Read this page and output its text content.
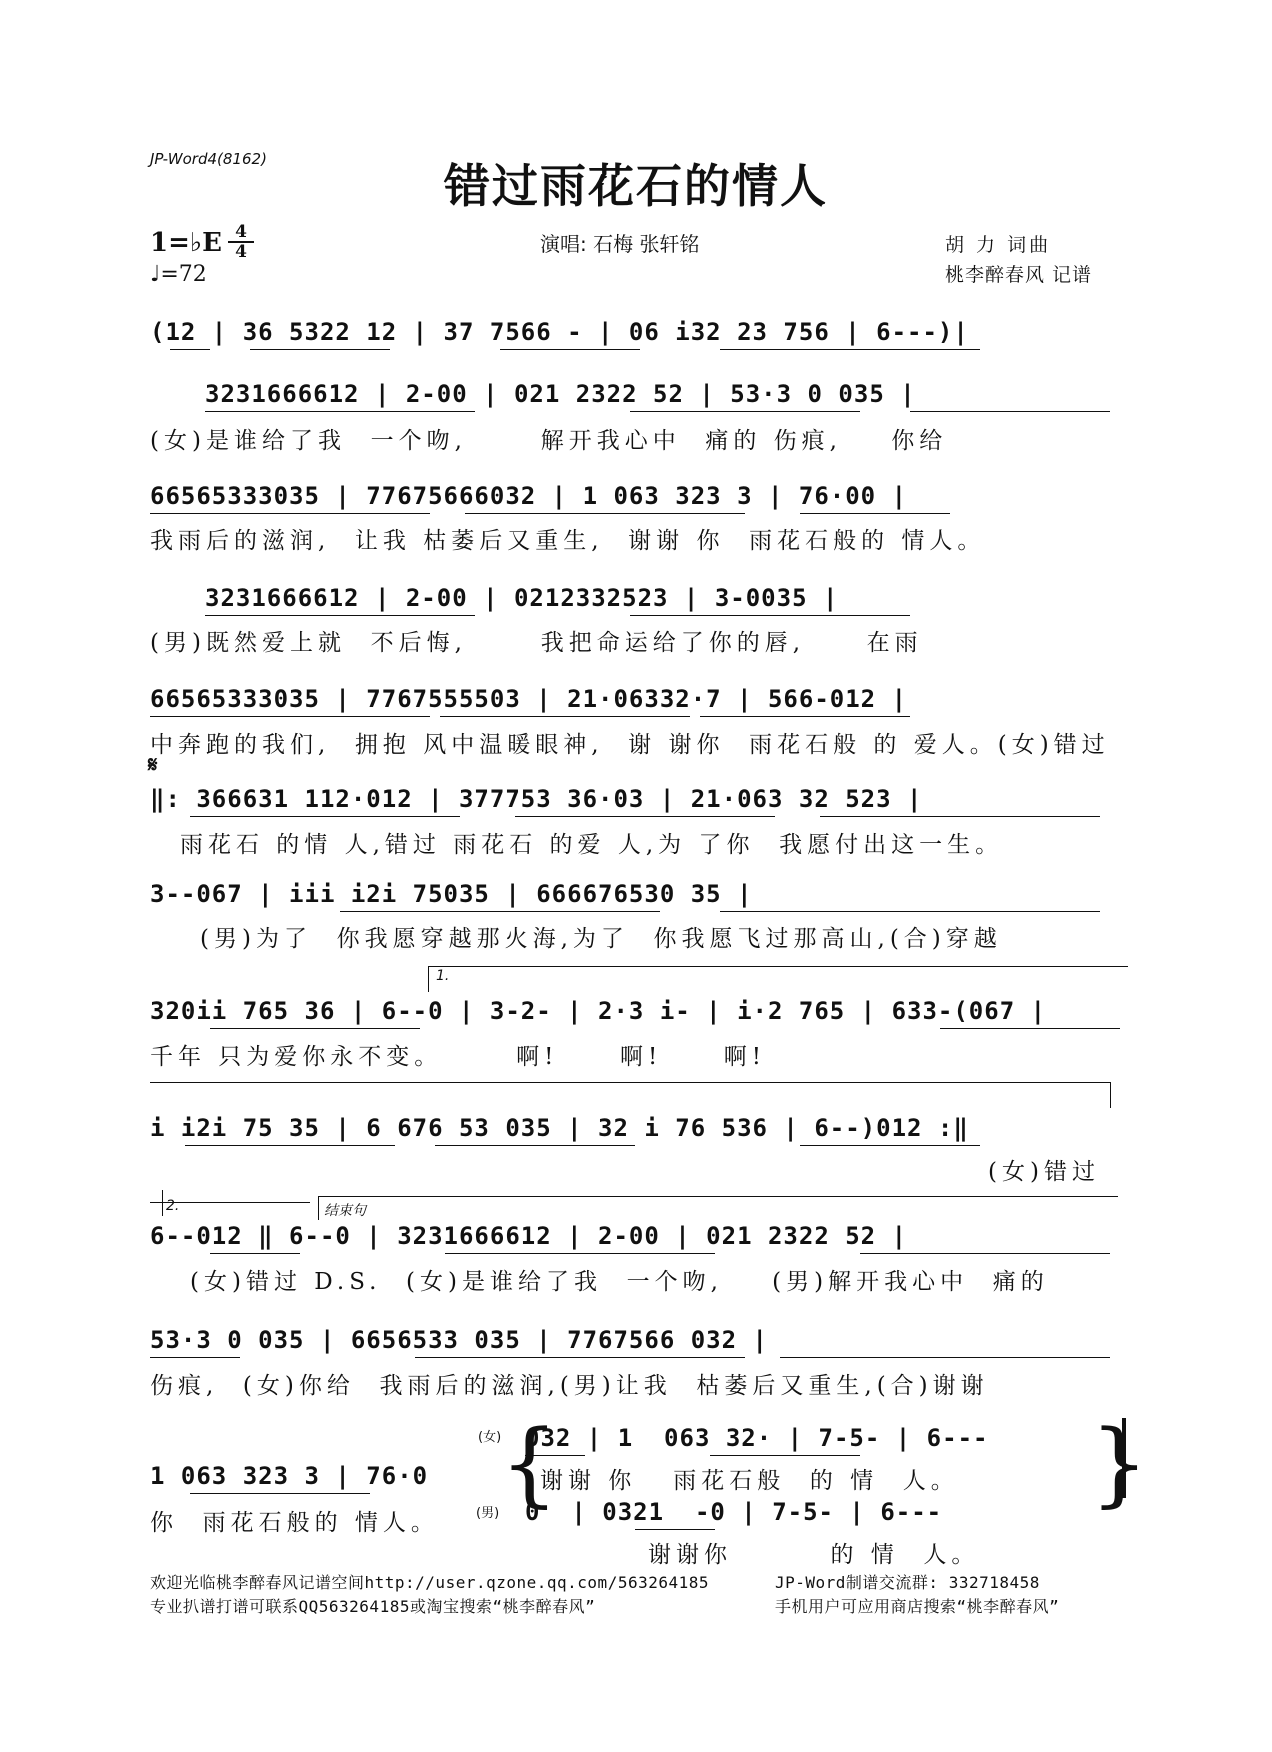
JP-Word4(8162)	错过雨花石的情人
1=♭E 4
4
♩=72
演唱: 石梅 张轩铭	胡 力 词曲
桃李醉春风 记谱
(12 | 36 5322 12 | 37 7566 - | 06 i32 23 756 | 6---)|
3231666612 | 2-00 | 021 2322 52 | 53·3 0 035 |
(女)是谁给了我  一个吻,      解开我心中  痛的 伤痕,    你给
66565333035 | 77675666032 | 1 063 323 3 | 76·00 |
我雨后的滋润,  让我 枯萎后又重生,  谢谢 你  雨花石般的 情人。
3231666612 | 2-00 | 0212332523 | 3-0035 |
(男)既然爱上就  不后悔,      我把命运给了你的唇,     在雨
66565333035 | 7767555503 | 21·06332·7 | 566-012 |
中奔跑的我们,  拥抱 风中温暖眼神,  谢 谢你  雨花石般 的 爱人。(女)错过
𝄋
‖: 366631 112·012 | 377753 36·03 | 21·063 32 523 |
雨花石 的情 人,错过 雨花石 的爱 人,为 了你  我愿付出这一生。
3--067 | iii i2i 75035 | 666676530 35 |
(男)为了  你我愿穿越那火海,为了  你我愿飞过那高山,(合)穿越
1.
320ii 765 36 | 6--0 | 3-2- | 2·3 i- | i·2 765 | 633-(067 |
千年 只为爱你永不变。      啊!     啊!     啊!
i i2i 75 35 | 6 676 53 035 | 32 i 76 536 | 6--)012 :‖
(女)错过
2.	结束句
6--012 ‖ 6--0 | 3231666612 | 2-00 | 021 2322 52 |
(女)错过 D.S.  (女)是谁给了我  一个吻,    (男)解开我心中  痛的
53·3 0 035 | 6656533 035 | 7767566 032 |
伤痕,  (女)你给  我雨后的滋润,(男)让我  枯萎后又重生,(合)谢谢
1 063 323 3 | 76·0
你  雨花石般的 情人。
{	}
(女)
(男)
032 | 1  063 32· | 7-5- | 6---
谢谢 你   雨花石般  的 情  人。
0  | 0321  -0 | 7-5- | 6---
谢谢你        的 情  人。
欢迎光临桃李醉春风记谱空间http://user.qzone.qq.com/563264185	JP-Word制谱交流群: 332718458
专业扒谱打谱可联系QQ563264185或淘宝搜索“桃李醉春风”	手机用户可应用商店搜索“桃李醉春风”
